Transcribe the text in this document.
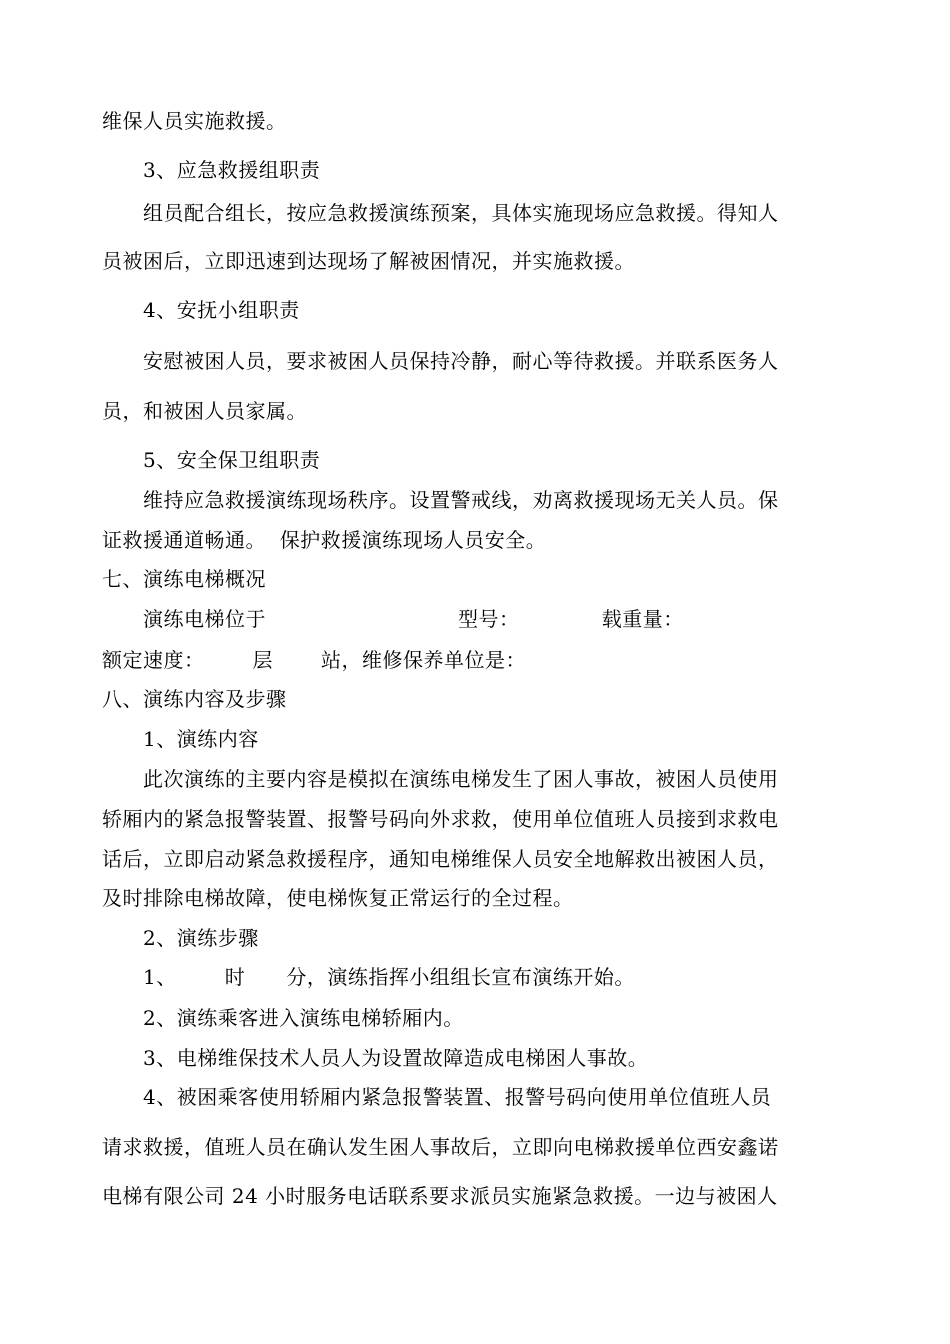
维保人员实施救援。
3、应急救援组职责
组员配合组长，按应急救援演练预案，具体实施现场应急救援。得知人
员被困后，立即迅速到达现场了解被困情况，并实施救援。
4、安抚小组职责
安慰被困人员，要求被困人员保持冷静，耐心等待救援。并联系医务人
员，和被困人员家属。
5、安全保卫组职责
维持应急救援演练现场秩序。设置警戒线，劝离救援现场无关人员。保
证救援通道畅通。  保护救援演练现场人员安全。
七、演练电梯概况
演练电梯位于                            型号：            载重量：
额定速度：       层       站，维修保养单位是：
八、演练内容及步骤
1、演练内容
此次演练的主要内容是模拟在演练电梯发生了困人事故，被困人员使用
轿厢内的紧急报警装置、报警号码向外求救，使用单位值班人员接到求救电
话后，立即启动紧急救援程序，通知电梯维保人员安全地解救出被困人员，
及时排除电梯故障，使电梯恢复正常运行的全过程。
2、演练步骤
1、       时      分，演练指挥小组组长宣布演练开始。
2、演练乘客进入演练电梯轿厢内。
3、电梯维保技术人员人为设置故障造成电梯困人事故。
4、被困乘客使用轿厢内紧急报警装置、报警号码向使用单位值班人员
请求救援，值班人员在确认发生困人事故后，立即向电梯救援单位西安鑫诺
电梯有限公司 24 小时服务电话联系要求派员实施紧急救援。一边与被困人
